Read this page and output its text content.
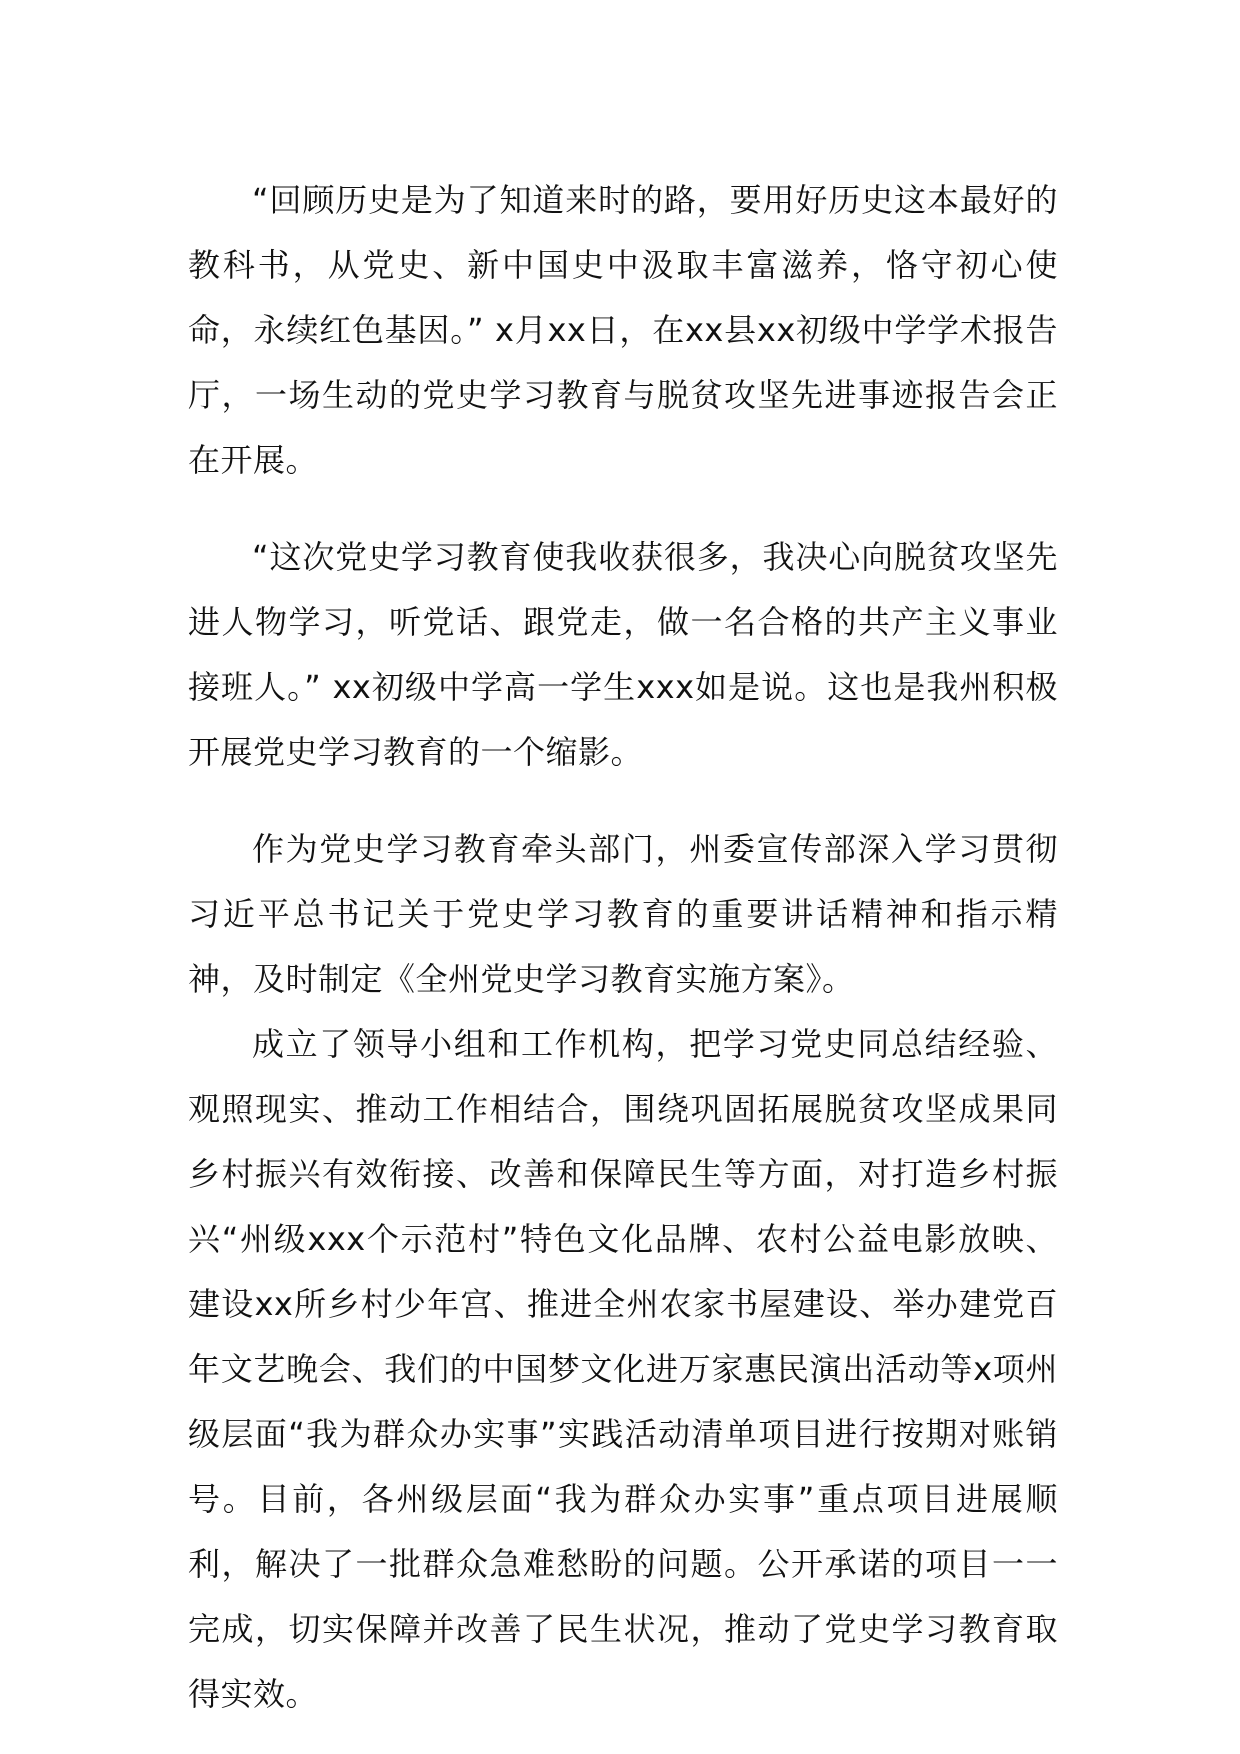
“回顾历史是为了知道来时的路，要用好历史这本最好的教科书，从党史、新中国史中汲取丰富滋养，恪守初心使命，永续红色基因。” x月xx日，在xx县xx初级中学学术报告厅，一场生动的党史学习教育与脱贫攻坚先进事迹报告会正在开展。

“这次党史学习教育使我收获很多，我决心向脱贫攻坚先进人物学习，听党话、跟党走，做一名合格的共产主义事业接班人。” xx初级中学高一学生xxx如是说。这也是我州积极开展党史学习教育的一个缩影。

作为党史学习教育牵头部门，州委宣传部深入学习贯彻习近平总书记关于党史学习教育的重要讲话精神和指示精神，及时制定《全州党史学习教育实施方案》。

成立了领导小组和工作机构，把学习党史同总结经验、观照现实、推动工作相结合，围绕巩固拓展脱贫攻坚成果同乡村振兴有效衔接、改善和保障民生等方面，对打造乡村振兴“州级xxx个示范村”特色文化品牌、农村公益电影放映、建设xx所乡村少年宫、推进全州农家书屋建设、举办建党百年文艺晚会、我们的中国梦文化进万家惠民演出活动等x项州级层面“我为群众办实事”实践活动清单项目进行按期对账销号。目前，各州级层面“我为群众办实事”重点项目进展顺利，解决了一批群众急难愁盼的问题。公开承诺的项目一一完成，切实保障并改善了民生状况，推动了党史学习教育取得实效。
